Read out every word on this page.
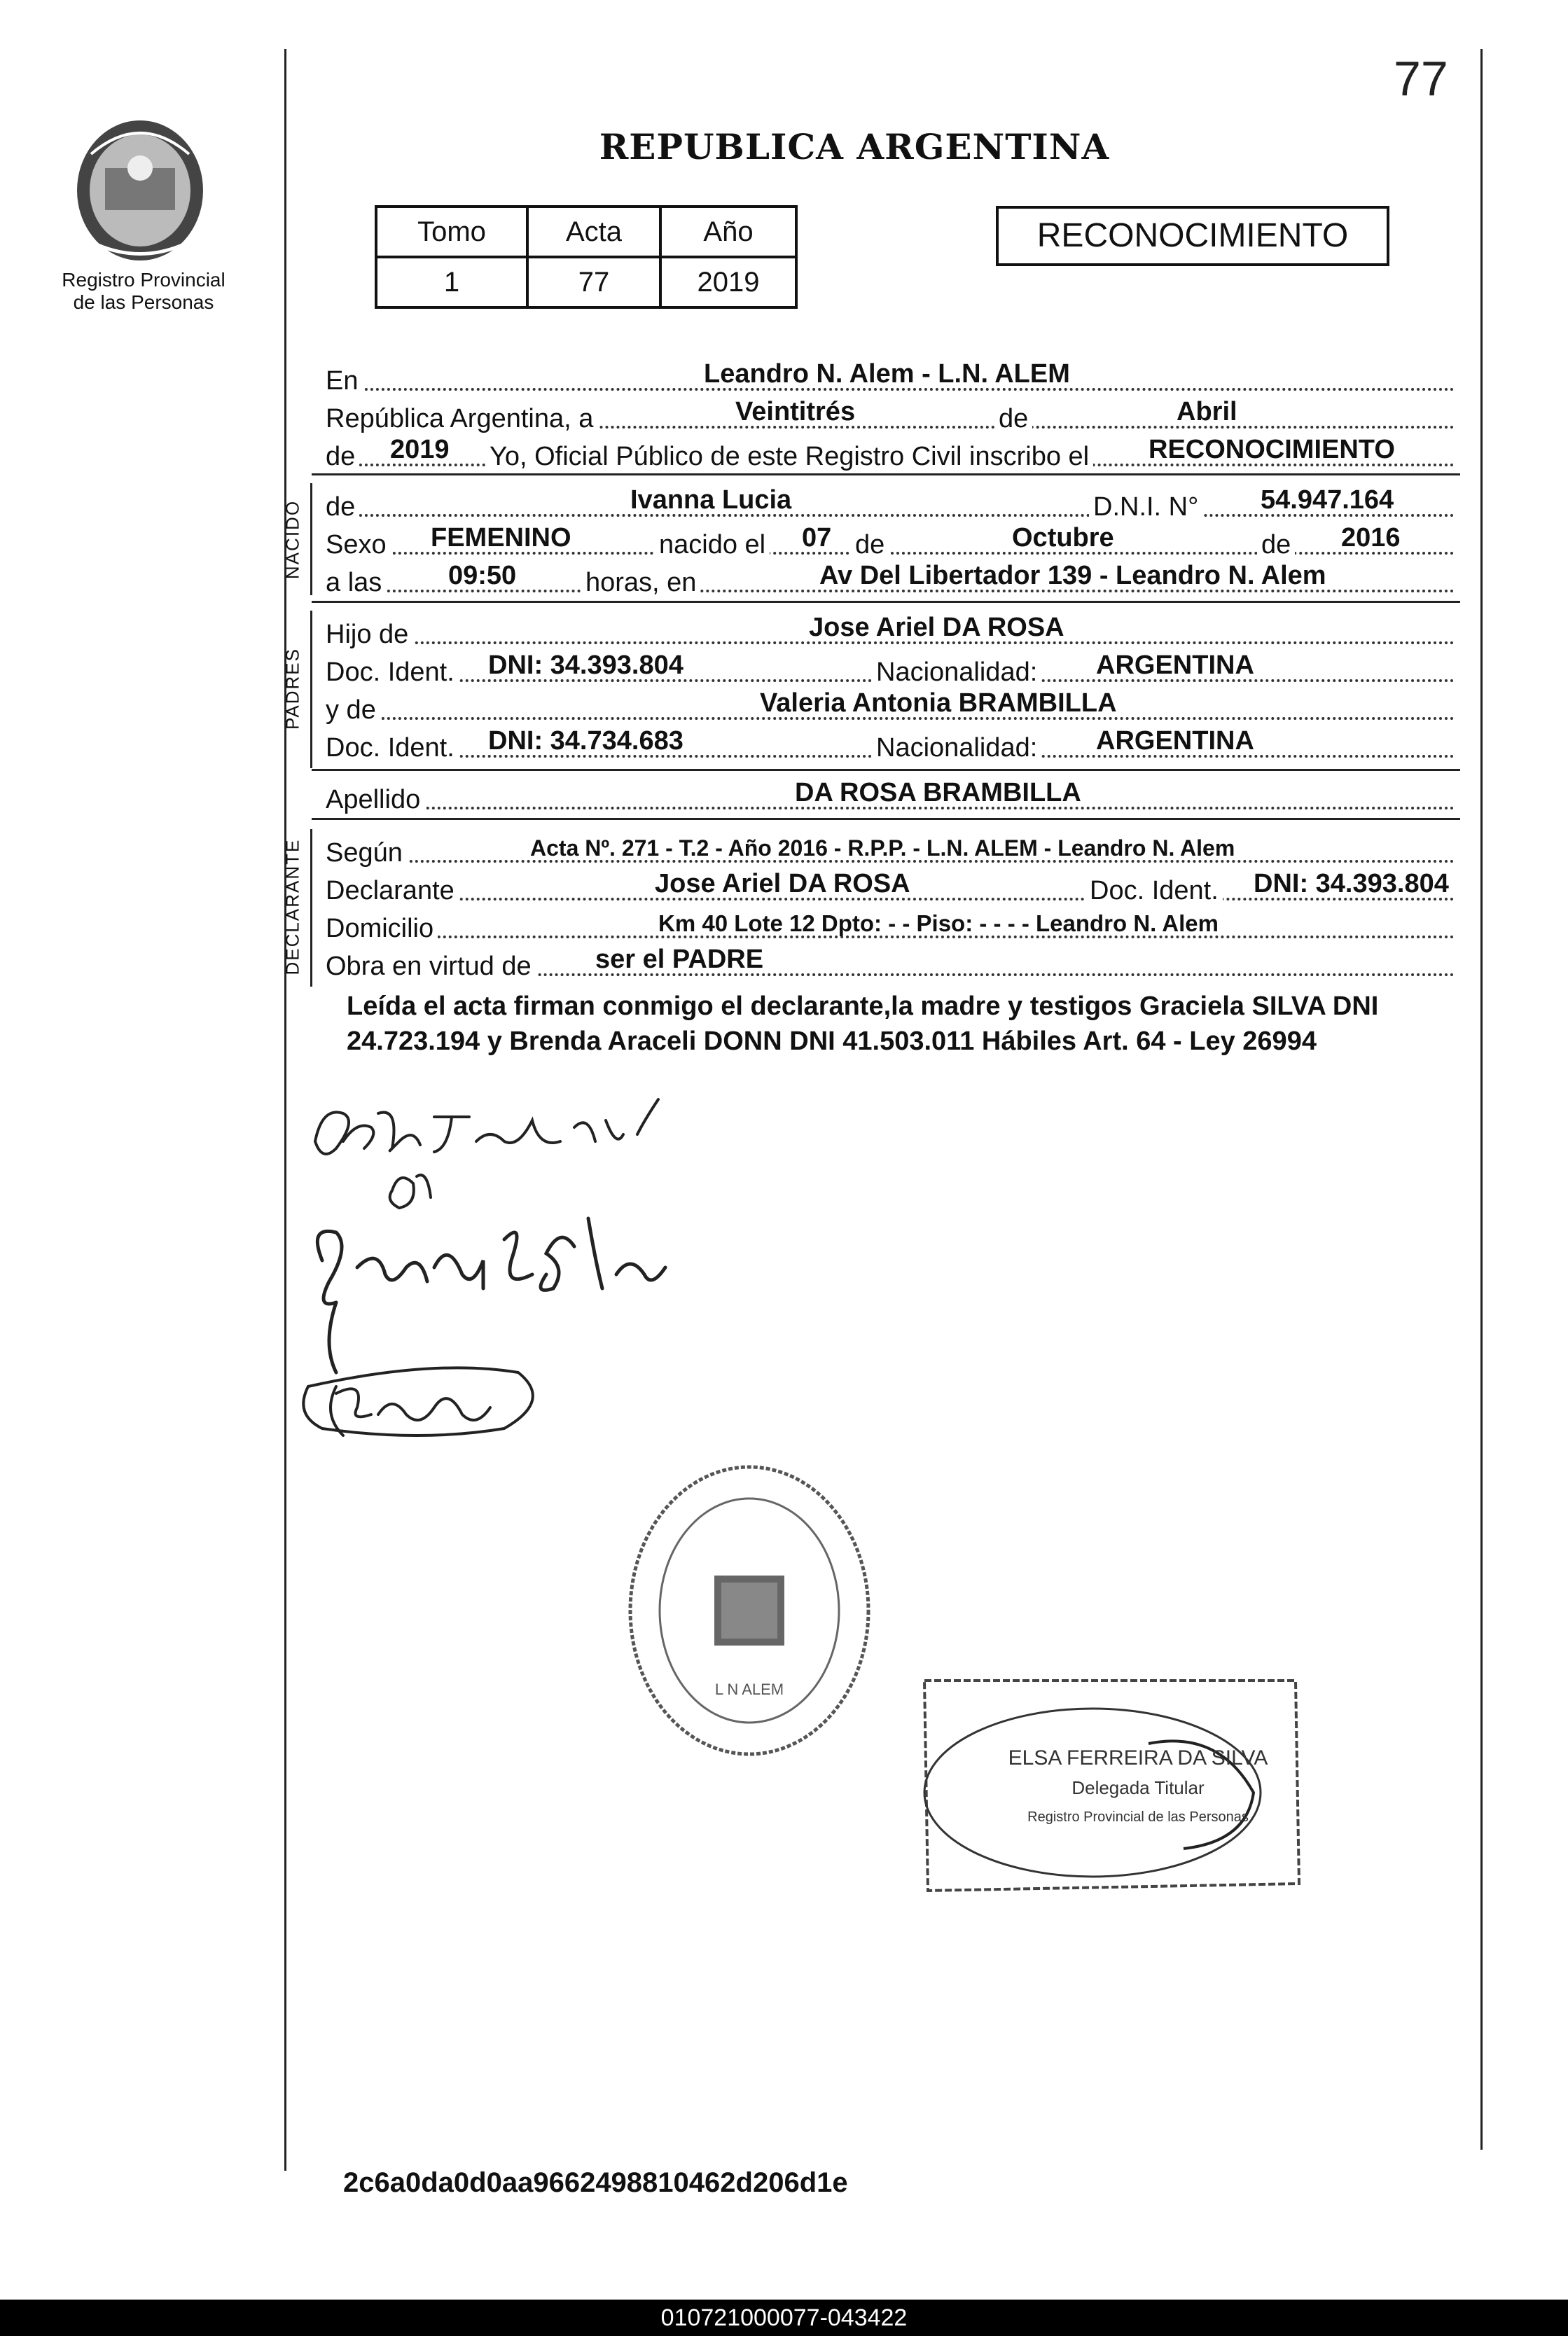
77
Registro Provincial
de las Personas
REPUBLICA ARGENTINA
Tomo	Acta	Año
1	77	2019
RECONOCIMIENTO
En	Leandro N. Alem - L.N. ALEM
República Argentina, a	Veintitrés	de	Abril
de 2019 Yo, Oficial Público de este Registro Civil inscribo el RECONOCIMIENTO
NACIDO de	Ivanna Lucia	D.N.I. N° 54.947.164
Sexo FEMENINO	nacido el 07 de	Octubre	de 2016
a las 09:50	horas, en	Av Del Libertador 139 - Leandro N. Alem
PADRES
Hijo de	Jose Ariel DA ROSA
Doc. Ident. DNI: 34.393.804	Nacionalidad: ARGENTINA
y de	Valeria Antonia BRAMBILLA
Doc. Ident. DNI: 34.734.683	Nacionalidad: ARGENTINA
Apellido	DA ROSA BRAMBILLA
DECLARANTE Según	Acta Nº. 271 - T.2 - Año 2016 - R.P.P. - L.N. ALEM - Leandro N. Alem
Declarante	Jose Ariel DA ROSA	Doc. Ident. DNI: 34.393.804
Domicilio	Km 40 Lote 12 Dpto: - - Piso: - - - - Leandro N. Alem
Obra en virtud de ser el PADRE
Leída el acta firman conmigo el declarante,la madre y testigos Graciela SILVA DNI 24.723.194 y Brenda Araceli DONN DNI 41.503.011 Hábiles Art. 64 - Ley 26994
L N ALEM
ELSA FERREIRA DA SILVA
Delegada Titular
Registro Provincial de las Personas
2c6a0da0d0aa9662498810462d206d1e
010721000077-043422
